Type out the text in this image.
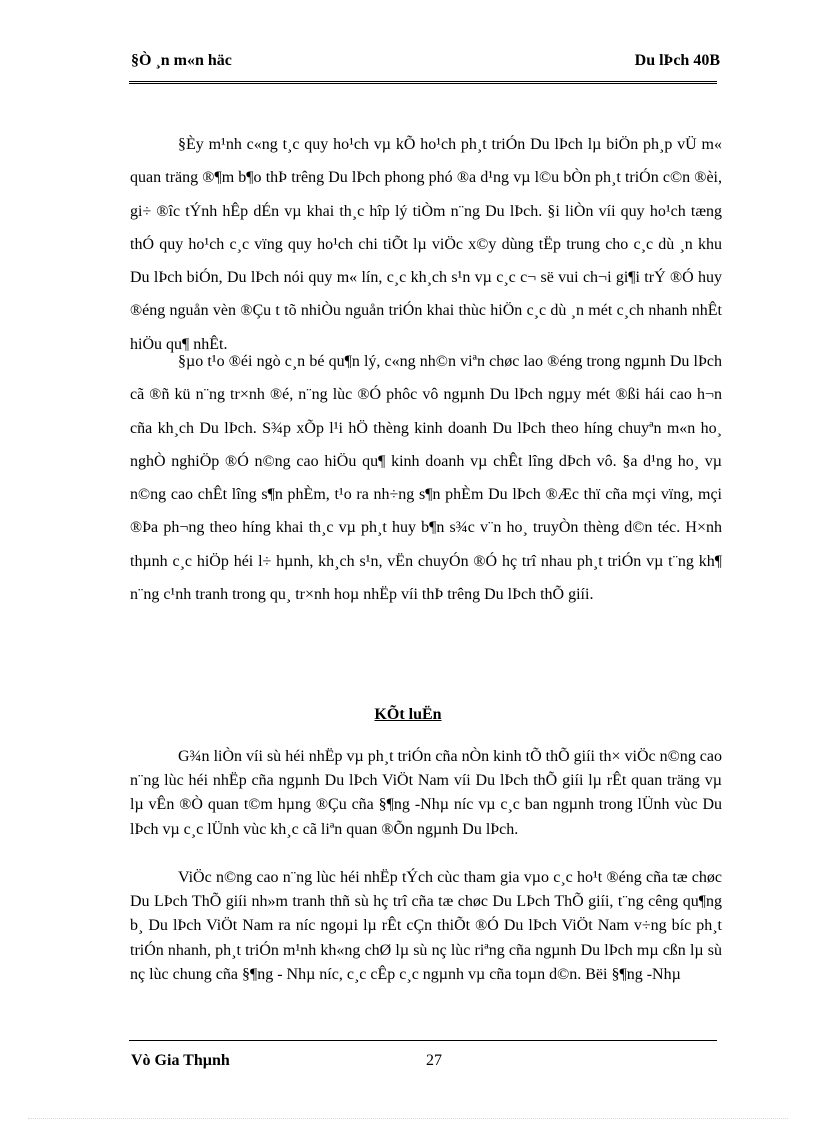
§Ò ¸n m«n häc	Du lÞch 40B

§Èy m¹nh c«ng t¸c quy ho¹ch vµ kÕ ho¹ch ph¸t triÓn Du lÞch lµ biÖn ph¸p vÜ m« quan träng ®¶m b¶o thÞ trêng Du lÞch phong phó ®a d¹ng vµ l©u bÒn ph¸t triÓn c©n ®èi, gi÷ ®îc tÝnh hÊp dÉn vµ khai th¸c hîp lý tiÒm n¨ng Du lÞch. §i liÒn víi quy ho¹ch tæng thÓ quy ho¹ch c¸c vïng quy ho¹ch chi tiÕt lµ viÖc x©y dùng tËp trung cho c¸c dù ¸n khu Du lÞch biÓn, Du lÞch nói quy m« lín, c¸c kh¸ch s¹n vµ c¸c c¬ së vui ch¬i gi¶i trÝ ®Ó huy ®éng nguån vèn ®Çu t tõ nhiÒu nguån triÓn khai thùc hiÖn c¸c dù ¸n mét c¸ch nhanh nhÊt hiÖu qu¶ nhÊt.

§µo t¹o ®éi ngò c¸n bé qu¶n lý, c«ng nh©n viªn chøc lao ®éng trong ngµnh Du lÞch cã ®ñ kü n¨ng tr×nh ®é, n¨ng lùc ®Ó phôc vô ngµnh Du lÞch ngµy mét ®ßi hái cao h¬n cña kh¸ch Du lÞch. S¾p xÕp l¹i hÖ thèng kinh doanh Du lÞch theo híng chuyªn m«n ho¸ nghÒ nghiÖp ®Ó n©ng cao hiÖu qu¶ kinh doanh vµ chÊt lîng dÞch vô. §a d¹ng ho¸ vµ n©ng cao chÊt lîng s¶n phÈm, t¹o ra nh÷ng s¶n phÈm Du lÞch ®Æc thï cña mçi vïng, mçi ®Þa ph¬ng theo híng khai th¸c vµ ph¸t huy b¶n s¾c v¨n ho¸ truyÒn thèng d©n téc. H×nh thµnh c¸c hiÖp héi l÷ hµnh, kh¸ch s¹n, vËn chuyÓn ®Ó hç trî nhau ph¸t triÓn vµ t¨ng kh¶ n¨ng c¹nh tranh trong qu¸ tr×nh hoµ nhËp víi thÞ trêng Du lÞch thÕ giíi.

KÕt luËn

G¾n liÒn víi sù héi nhËp vµ ph¸t triÓn cña nÒn kinh tÕ thÕ giíi th× viÖc n©ng cao n¨ng lùc héi nhËp cña ngµnh Du lÞch ViÖt Nam víi Du lÞch thÕ giíi lµ rÊt quan träng vµ lµ vÊn ®Ò quan t©m hµng ®Çu cña §¶ng -Nhµ níc vµ c¸c ban ngµnh trong lÜnh vùc Du lÞch vµ c¸c lÜnh vùc kh¸c cã liªn quan ®Õn ngµnh Du lÞch.

ViÖc n©ng cao n¨ng lùc héi nhËp tÝch cùc tham gia vµo c¸c ho¹t ®éng cña tæ chøc Du LÞch ThÕ giíi nh»m tranh thñ sù hç trî cña tæ chøc Du LÞch ThÕ giíi, t¨ng cêng qu¶ng b¸ Du lÞch ViÖt Nam ra níc ngoµi lµ rÊt cÇn thiÕt ®Ó Du lÞch ViÖt Nam v÷ng bíc ph¸t triÓn nhanh, ph¸t triÓn m¹nh kh«ng chØ lµ sù nç lùc riªng cña ngµnh Du lÞch mµ cßn lµ sù nç lùc chung cña §¶ng - Nhµ níc, c¸c cÊp c¸c ngµnh vµ cña toµn d©n. Bëi §¶ng -Nhµ

Vò Gia Thµnh	27
